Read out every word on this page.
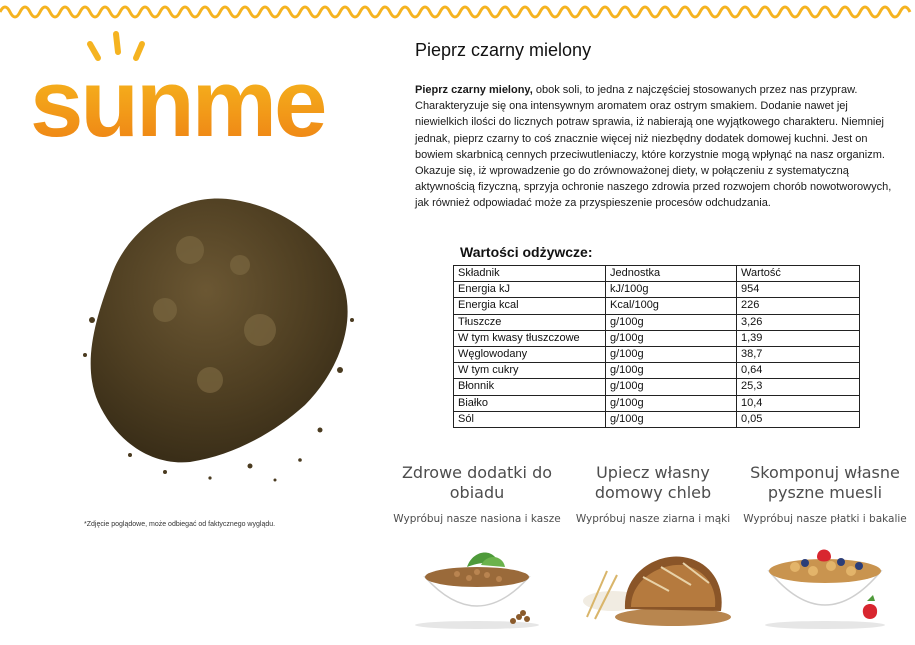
sunme
*Zdjęcie poglądowe, może odbiegać od faktycznego wyglądu.
Pieprz czarny mielony

Pieprz czarny mielony, obok soli, to jedna z najczęściej stosowanych przez nas przypraw. Charakteryzuje się ona intensywnym aromatem oraz ostrym smakiem. Dodanie nawet jej niewielkich ilości do licznych potraw sprawia, iż nabierają one wyjątkowego charakteru. Niemniej jednak, pieprz czarny to coś znacznie więcej niż niezbędny dodatek domowej kuchni. Jest on bowiem skarbnicą cennych przeciwutleniaczy, które korzystnie mogą wpłynąć na nasz organizm. Okazuje się, iż wprowadzenie go do zrównoważonej diety, w połączeniu z systematyczną aktywnością fizyczną, sprzyja ochronie naszego zdrowia przed rozwojem chorób nowotworowych, jak również odpowiadać może za przyspieszenie procesów odchudzania.

Wartości odżywcze:
Składnik	Jednostka	Wartość
Energia kJ	kJ/100g	954
Energia kcal	Kcal/100g	226
Tłuszcze	g/100g	3,26
W tym kwasy tłuszczowe	g/100g	1,39
Węglowodany	g/100g	38,7
W tym cukry	g/100g	0,64
Błonnik	g/100g	25,3
Białko	g/100g	10,4
Sól	g/100g	0,05
Zdrowe dodatki do obiadu
Wypróbuj nasze nasiona i kasze
Upiecz własny domowy chleb
Wypróbuj nasze ziarna i mąki
Skomponuj własne pyszne muesli
Wypróbuj nasze płatki i bakalie
